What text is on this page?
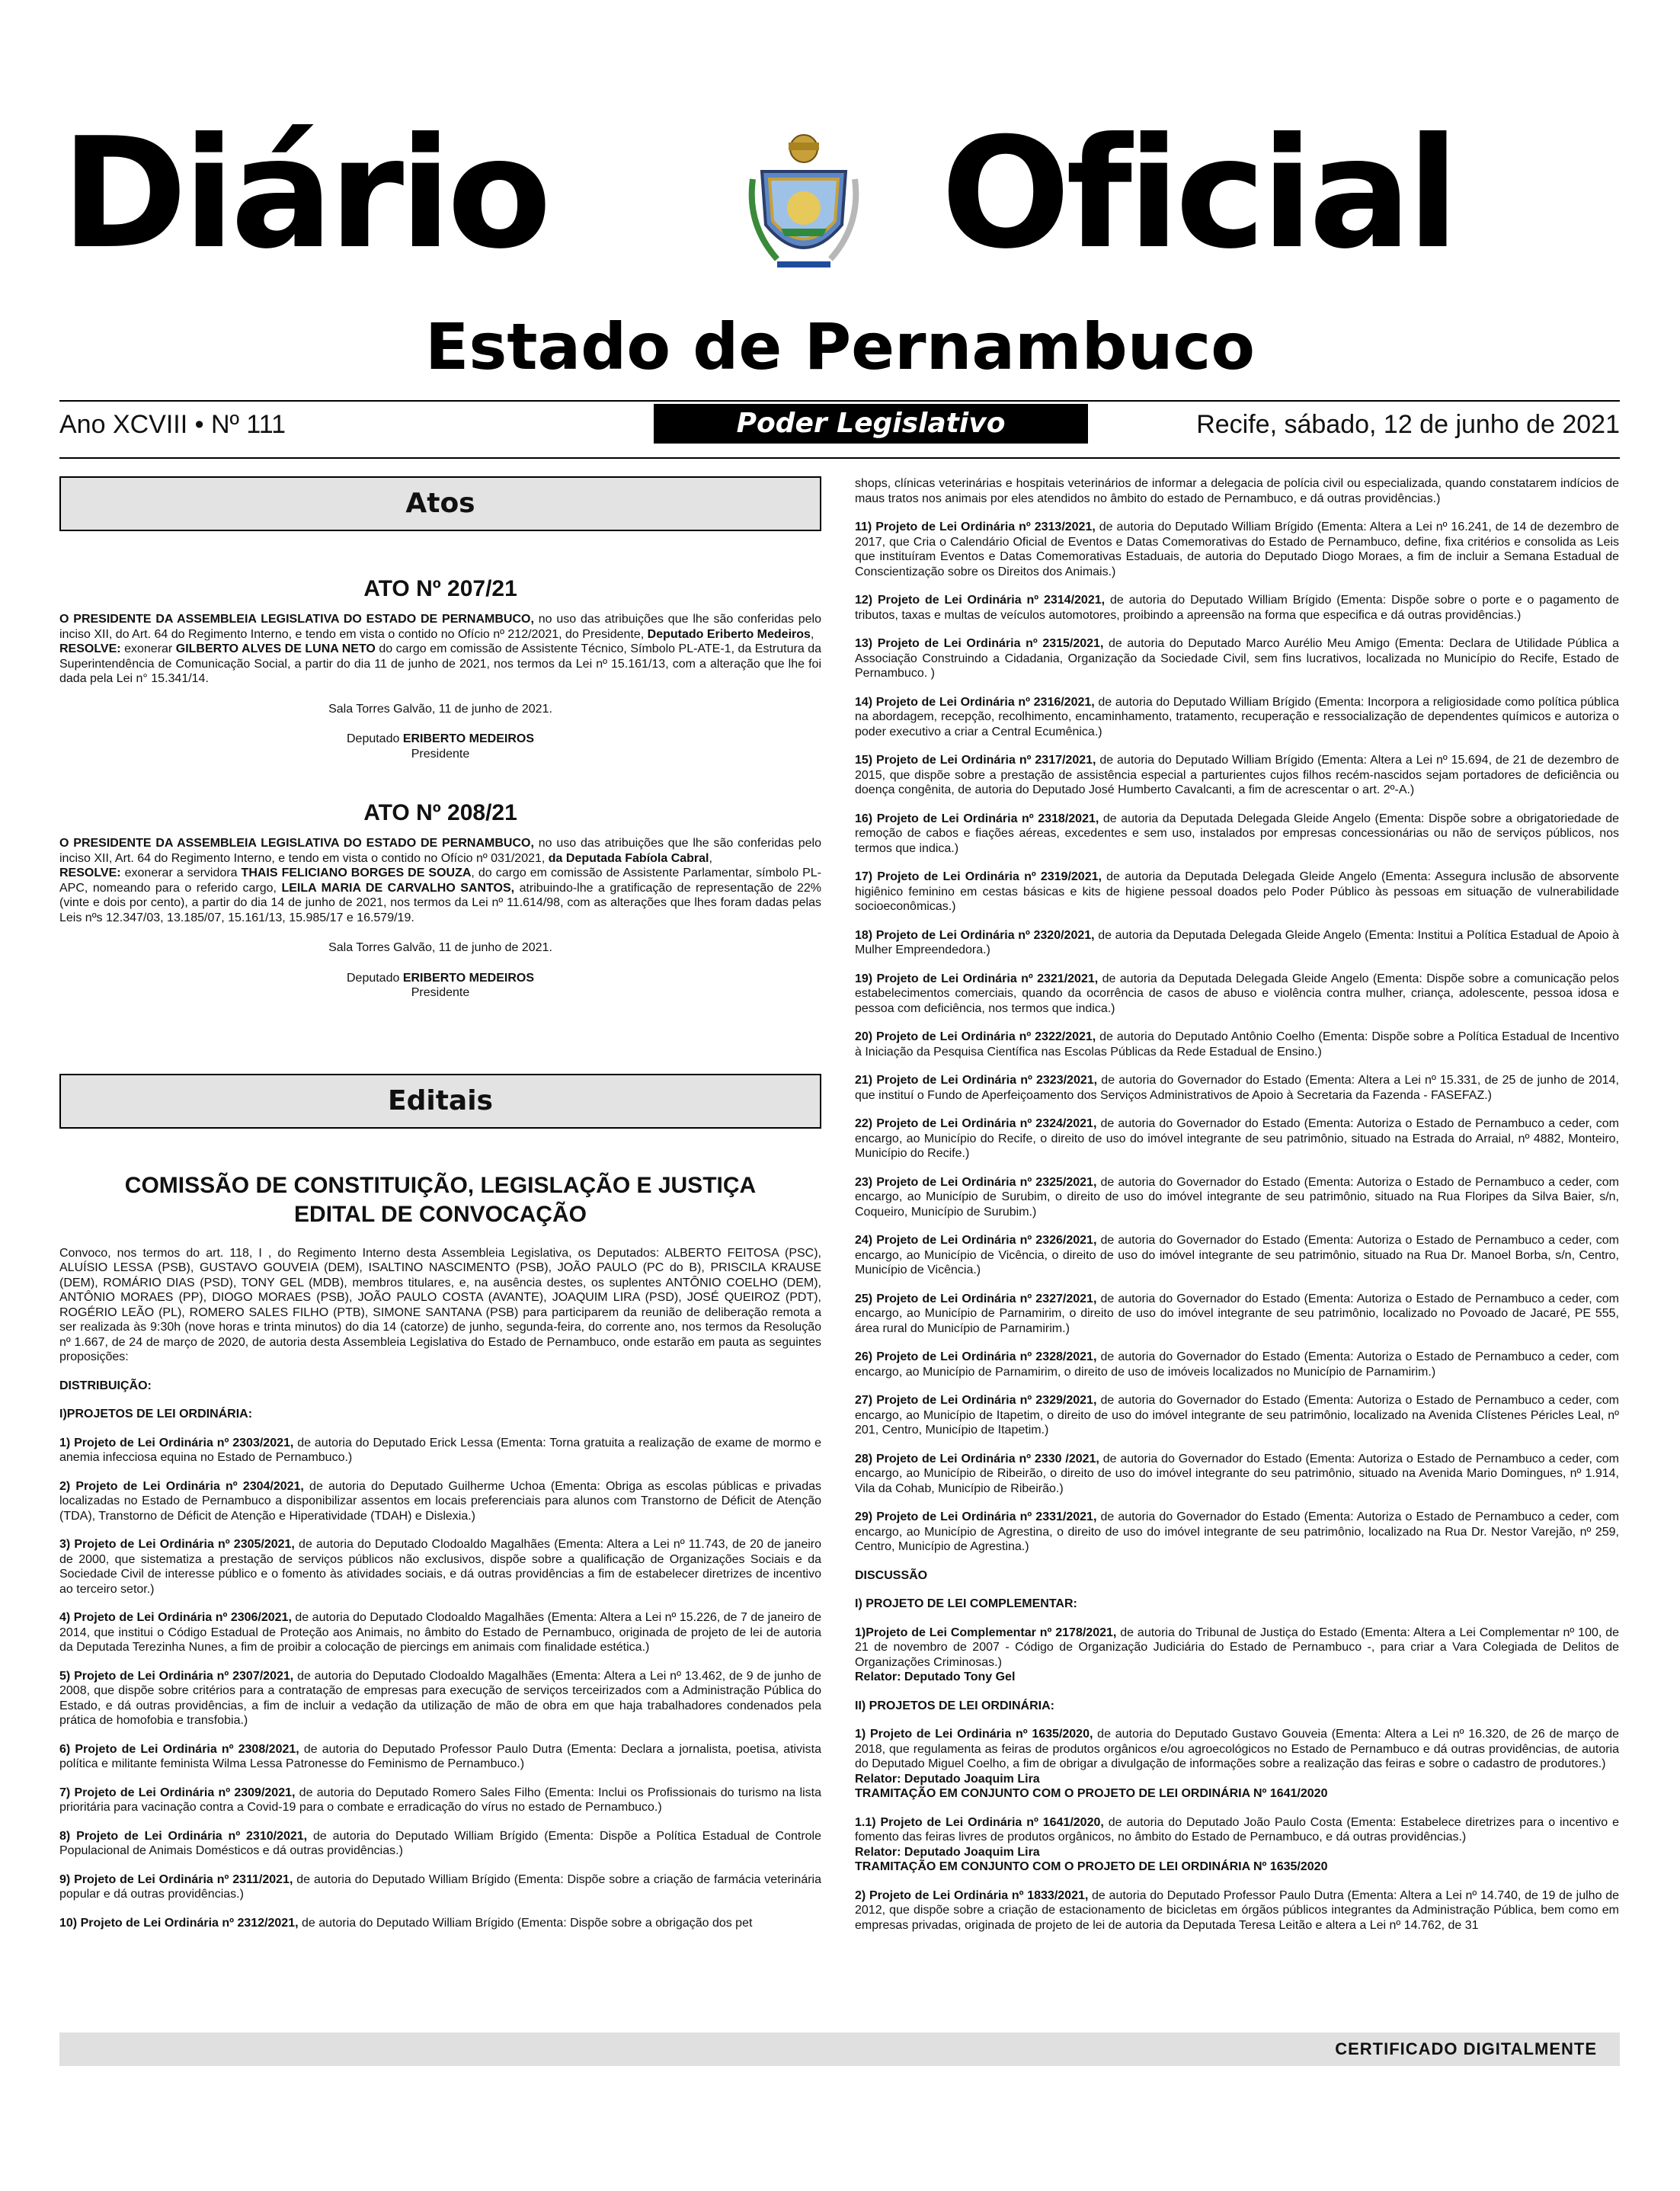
Diário	Oficial
Estado de Pernambuco
Ano XCVIII • Nº 111	Poder Legislativo	Recife, sábado, 12 de junho de 2021
Atos

ATO Nº 207/21

O PRESIDENTE DA ASSEMBLEIA LEGISLATIVA DO ESTADO DE PERNAMBUCO, no uso das atribuições que lhe são conferidas pelo inciso XII, do Art. 64 do Regimento Interno, e tendo em vista o contido no Ofício nº 212/2021, do Presidente, Deputado Eriberto Medeiros,

RESOLVE: exonerar GILBERTO ALVES DE LUNA NETO do cargo em comissão de Assistente Técnico, Símbolo PL-ATE-1, da Estrutura da Superintendência de Comunicação Social, a partir do dia 11 de junho de 2021, nos termos da Lei nº 15.161/13, com a alteração que lhe foi dada pela Lei n° 15.341/14.

Sala Torres Galvão, 11 de junho de 2021.

Deputado ERIBERTO MEDEIROS

Presidente

ATO Nº 208/21

O PRESIDENTE DA ASSEMBLEIA LEGISLATIVA DO ESTADO DE PERNAMBUCO, no uso das atribuições que lhe são conferidas pelo inciso XII, Art. 64 do Regimento Interno, e tendo em vista o contido no Ofício nº 031/2021, da Deputada Fabíola Cabral,

RESOLVE: exonerar a servidora THAIS FELICIANO BORGES DE SOUZA, do cargo em comissão de Assistente Parlamentar, símbolo PL-APC, nomeando para o referido cargo, LEILA MARIA DE CARVALHO SANTOS, atribuindo-lhe a gratificação de representação de 22% (vinte e dois por cento), a partir do dia 14 de junho de 2021, nos termos da Lei nº 11.614/98, com as alterações que lhes foram dadas pelas Leis nºs 12.347/03, 13.185/07, 15.161/13, 15.985/17 e 16.579/19.

Sala Torres Galvão, 11 de junho de 2021.

Deputado ERIBERTO MEDEIROS

Presidente

Editais

COMISSÃO DE CONSTITUIÇÃO, LEGISLAÇÃO E JUSTIÇA

EDITAL DE CONVOCAÇÃO

Convoco, nos termos do art. 118, I , do Regimento Interno desta Assembleia Legislativa, os Deputados: ALBERTO FEITOSA (PSC), ALUÍSIO LESSA (PSB), GUSTAVO GOUVEIA (DEM), ISALTINO NASCIMENTO (PSB), JOÃO PAULO (PC do B), PRISCILA KRAUSE (DEM), ROMÁRIO DIAS (PSD), TONY GEL (MDB), membros titulares, e, na ausência destes, os suplentes ANTÔNIO COELHO (DEM), ANTÔNIO MORAES (PP), DIOGO MORAES (PSB), JOÃO PAULO COSTA (AVANTE), JOAQUIM LIRA (PSD), JOSÉ QUEIROZ (PDT), ROGÉRIO LEÃO (PL), ROMERO SALES FILHO (PTB), SIMONE SANTANA (PSB) para participarem da reunião de deliberação remota a ser realizada às 9:30h (nove horas e trinta minutos) do dia 14 (catorze) de junho, segunda-feira, do corrente ano, nos termos da Resolução nº 1.667, de 24 de março de 2020, de autoria desta Assembleia Legislativa do Estado de Pernambuco, onde estarão em pauta as seguintes proposições:

DISTRIBUIÇÃO:

I)PROJETOS DE LEI ORDINÁRIA:

1) Projeto de Lei Ordinária nº 2303/2021, de autoria do Deputado Erick Lessa (Ementa: Torna gratuita a realização de exame de mormo e anemia infecciosa equina no Estado de Pernambuco.)

2) Projeto de Lei Ordinária nº 2304/2021, de autoria do Deputado Guilherme Uchoa (Ementa: Obriga as escolas públicas e privadas localizadas no Estado de Pernambuco a disponibilizar assentos em locais preferenciais para alunos com Transtorno de Déficit de Atenção (TDA), Transtorno de Déficit de Atenção e Hiperatividade (TDAH) e Dislexia.)

3) Projeto de Lei Ordinária nº 2305/2021, de autoria do Deputado Clodoaldo Magalhães (Ementa: Altera a Lei nº 11.743, de 20 de janeiro de 2000, que sistematiza a prestação de serviços públicos não exclusivos, dispõe sobre a qualificação de Organizações Sociais e da Sociedade Civil de interesse público e o fomento às atividades sociais, e dá outras providências a fim de estabelecer diretrizes de incentivo ao terceiro setor.)

4) Projeto de Lei Ordinária nº 2306/2021, de autoria do Deputado Clodoaldo Magalhães (Ementa: Altera a Lei nº 15.226, de 7 de janeiro de 2014, que institui o Código Estadual de Proteção aos Animais, no âmbito do Estado de Pernambuco, originada de projeto de lei de autoria da Deputada Terezinha Nunes, a fim de proibir a colocação de piercings em animais com finalidade estética.)

5) Projeto de Lei Ordinária nº 2307/2021, de autoria do Deputado Clodoaldo Magalhães (Ementa: Altera a Lei nº 13.462, de 9 de junho de 2008, que dispõe sobre critérios para a contratação de empresas para execução de serviços terceirizados com a Administração Pública do Estado, e dá outras providências, a fim de incluir a vedação da utilização de mão de obra em que haja trabalhadores condenados pela prática de homofobia e transfobia.)

6) Projeto de Lei Ordinária nº 2308/2021, de autoria do Deputado Professor Paulo Dutra (Ementa: Declara a jornalista, poetisa, ativista política e militante feminista Wilma Lessa Patronesse do Feminismo de Pernambuco.)

7) Projeto de Lei Ordinária nº 2309/2021, de autoria do Deputado Romero Sales Filho (Ementa: Inclui os Profissionais do turismo na lista prioritária para vacinação contra a Covid-19 para o combate e erradicação do vírus no estado de Pernambuco.)

8) Projeto de Lei Ordinária nº 2310/2021, de autoria do Deputado William Brígido (Ementa: Dispõe a Política Estadual de Controle Populacional de Animais Domésticos e dá outras providências.)

9) Projeto de Lei Ordinária nº 2311/2021, de autoria do Deputado William Brígido (Ementa: Dispõe sobre a criação de farmácia veterinária popular e dá outras providências.)

10) Projeto de Lei Ordinária nº 2312/2021, de autoria do Deputado William Brígido (Ementa: Dispõe sobre a obrigação dos pet

shops, clínicas veterinárias e hospitais veterinários de informar a delegacia de polícia civil ou especializada, quando constatarem indícios de maus tratos nos animais por eles atendidos no âmbito do estado de Pernambuco, e dá outras providências.)

11) Projeto de Lei Ordinária nº 2313/2021, de autoria do Deputado William Brígido (Ementa: Altera a Lei nº 16.241, de 14 de dezembro de 2017, que Cria o Calendário Oficial de Eventos e Datas Comemorativas do Estado de Pernambuco, define, fixa critérios e consolida as Leis que instituíram Eventos e Datas Comemorativas Estaduais, de autoria do Deputado Diogo Moraes, a fim de incluir a Semana Estadual de Conscientização sobre os Direitos dos Animais.)

12) Projeto de Lei Ordinária nº 2314/2021, de autoria do Deputado William Brígido (Ementa: Dispõe sobre o porte e o pagamento de tributos, taxas e multas de veículos automotores, proibindo a apreensão na forma que especifica e dá outras providências.)

13) Projeto de Lei Ordinária nº 2315/2021, de autoria do Deputado Marco Aurélio Meu Amigo (Ementa: Declara de Utilidade Pública a Associação Construindo a Cidadania, Organização da Sociedade Civil, sem fins lucrativos, localizada no Município do Recife, Estado de Pernambuco. )

14) Projeto de Lei Ordinária nº 2316/2021, de autoria do Deputado William Brígido (Ementa: Incorpora a religiosidade como política pública na abordagem, recepção, recolhimento, encaminhamento, tratamento, recuperação e ressocialização de dependentes químicos e autoriza o poder executivo a criar a Central Ecumênica.)

15) Projeto de Lei Ordinária nº 2317/2021, de autoria do Deputado William Brígido (Ementa: Altera a Lei nº 15.694, de 21 de dezembro de 2015, que dispõe sobre a prestação de assistência especial a parturientes cujos filhos recém-nascidos sejam portadores de deficiência ou doença congênita, de autoria do Deputado José Humberto Cavalcanti, a fim de acrescentar o art. 2º-A.)

16) Projeto de Lei Ordinária nº 2318/2021, de autoria da Deputada Delegada Gleide Angelo (Ementa: Dispõe sobre a obrigatoriedade de remoção de cabos e fiações aéreas, excedentes e sem uso, instalados por empresas concessionárias ou não de serviços públicos, nos termos que indica.)

17) Projeto de Lei Ordinária nº 2319/2021, de autoria da Deputada Delegada Gleide Angelo (Ementa: Assegura inclusão de absorvente higiênico feminino em cestas básicas e kits de higiene pessoal doados pelo Poder Público às pessoas em situação de vulnerabilidade socioeconômicas.)

18) Projeto de Lei Ordinária nº 2320/2021, de autoria da Deputada Delegada Gleide Angelo (Ementa: Institui a Política Estadual de Apoio à Mulher Empreendedora.)

19) Projeto de Lei Ordinária nº 2321/2021, de autoria da Deputada Delegada Gleide Angelo (Ementa: Dispõe sobre a comunicação pelos estabelecimentos comerciais, quando da ocorrência de casos de abuso e violência contra mulher, criança, adolescente, pessoa idosa e pessoa com deficiência, nos termos que indica.)

20) Projeto de Lei Ordinária nº 2322/2021, de autoria do Deputado Antônio Coelho (Ementa: Dispõe sobre a Política Estadual de Incentivo à Iniciação da Pesquisa Científica nas Escolas Públicas da Rede Estadual de Ensino.)

21) Projeto de Lei Ordinária nº 2323/2021, de autoria do Governador do Estado (Ementa: Altera a Lei nº 15.331, de 25 de junho de 2014, que instituí o Fundo de Aperfeiçoamento dos Serviços Administrativos de Apoio à Secretaria da Fazenda - FASEFAZ.)

22) Projeto de Lei Ordinária nº 2324/2021, de autoria do Governador do Estado (Ementa: Autoriza o Estado de Pernambuco a ceder, com encargo, ao Município do Recife, o direito de uso do imóvel integrante de seu patrimônio, situado na Estrada do Arraial, nº 4882, Monteiro, Município do Recife.)

23) Projeto de Lei Ordinária nº 2325/2021, de autoria do Governador do Estado (Ementa: Autoriza o Estado de Pernambuco a ceder, com encargo, ao Município de Surubim, o direito de uso do imóvel integrante de seu patrimônio, situado na Rua Floripes da Silva Baier, s/n, Coqueiro, Município de Surubim.)

24) Projeto de Lei Ordinária nº 2326/2021, de autoria do Governador do Estado (Ementa: Autoriza o Estado de Pernambuco a ceder, com encargo, ao Município de Vicência, o direito de uso do imóvel integrante de seu patrimônio, situado na Rua Dr. Manoel Borba, s/n, Centro, Município de Vicência.)

25) Projeto de Lei Ordinária nº 2327/2021, de autoria do Governador do Estado (Ementa: Autoriza o Estado de Pernambuco a ceder, com encargo, ao Município de Parnamirim, o direito de uso do imóvel integrante de seu patrimônio, localizado no Povoado de Jacaré, PE 555, área rural do Município de Parnamirim.)

26) Projeto de Lei Ordinária nº 2328/2021, de autoria do Governador do Estado (Ementa: Autoriza o Estado de Pernambuco a ceder, com encargo, ao Município de Parnamirim, o direito de uso de imóveis localizados no Município de Parnamirim.)

27) Projeto de Lei Ordinária nº 2329/2021, de autoria do Governador do Estado (Ementa: Autoriza o Estado de Pernambuco a ceder, com encargo, ao Município de Itapetim, o direito de uso do imóvel integrante de seu patrimônio, localizado na Avenida Clístenes Péricles Leal, nº 201, Centro, Município de Itapetim.)

28) Projeto de Lei Ordinária nº 2330 /2021, de autoria do Governador do Estado (Ementa: Autoriza o Estado de Pernambuco a ceder, com encargo, ao Município de Ribeirão, o direito de uso do imóvel integrante do seu patrimônio, situado na Avenida Mario Domingues, nº 1.914, Vila da Cohab, Município de Ribeirão.)

29) Projeto de Lei Ordinária nº 2331/2021, de autoria do Governador do Estado (Ementa: Autoriza o Estado de Pernambuco a ceder, com encargo, ao Município de Agrestina, o direito de uso do imóvel integrante de seu patrimônio, localizado na Rua Dr. Nestor Varejão, nº 259, Centro, Município de Agrestina.)

DISCUSSÃO

I) PROJETO DE LEI COMPLEMENTAR:

1)Projeto de Lei Complementar nº 2178/2021, de autoria do Tribunal de Justiça do Estado (Ementa: Altera a Lei Complementar nº 100, de 21 de novembro de 2007 - Código de Organização Judiciária do Estado de Pernambuco -, para criar a Vara Colegiada de Delitos de Organizações Criminosas.)

Relator: Deputado Tony Gel

II) PROJETOS DE LEI ORDINÁRIA:

1) Projeto de Lei Ordinária nº 1635/2020, de autoria do Deputado Gustavo Gouveia (Ementa: Altera a Lei nº 16.320, de 26 de março de 2018, que regulamenta as feiras de produtos orgânicos e/ou agroecológicos no Estado de Pernambuco e dá outras providências, de autoria do Deputado Miguel Coelho, a fim de obrigar a divulgação de informações sobre a realização das feiras e sobre o cadastro de produtores.)

Relator: Deputado Joaquim Lira

TRAMITAÇÃO EM CONJUNTO COM O PROJETO DE LEI ORDINÁRIA Nº 1641/2020

1.1) Projeto de Lei Ordinária nº 1641/2020, de autoria do Deputado João Paulo Costa (Ementa: Estabelece diretrizes para o incentivo e fomento das feiras livres de produtos orgânicos, no âmbito do Estado de Pernambuco, e dá outras providências.)

Relator: Deputado Joaquim Lira

TRAMITAÇÃO EM CONJUNTO COM O PROJETO DE LEI ORDINÁRIA Nº 1635/2020

2) Projeto de Lei Ordinária nº 1833/2021, de autoria do Deputado Professor Paulo Dutra (Ementa: Altera a Lei nº 14.740, de 19 de julho de 2012, que dispõe sobre a criação de estacionamento de bicicletas em órgãos públicos integrantes da Administração Pública, bem como em empresas privadas, originada de projeto de lei de autoria da Deputada Teresa Leitão e altera a Lei nº 14.762, de 31

CERTIFICADO DIGITALMENTE
